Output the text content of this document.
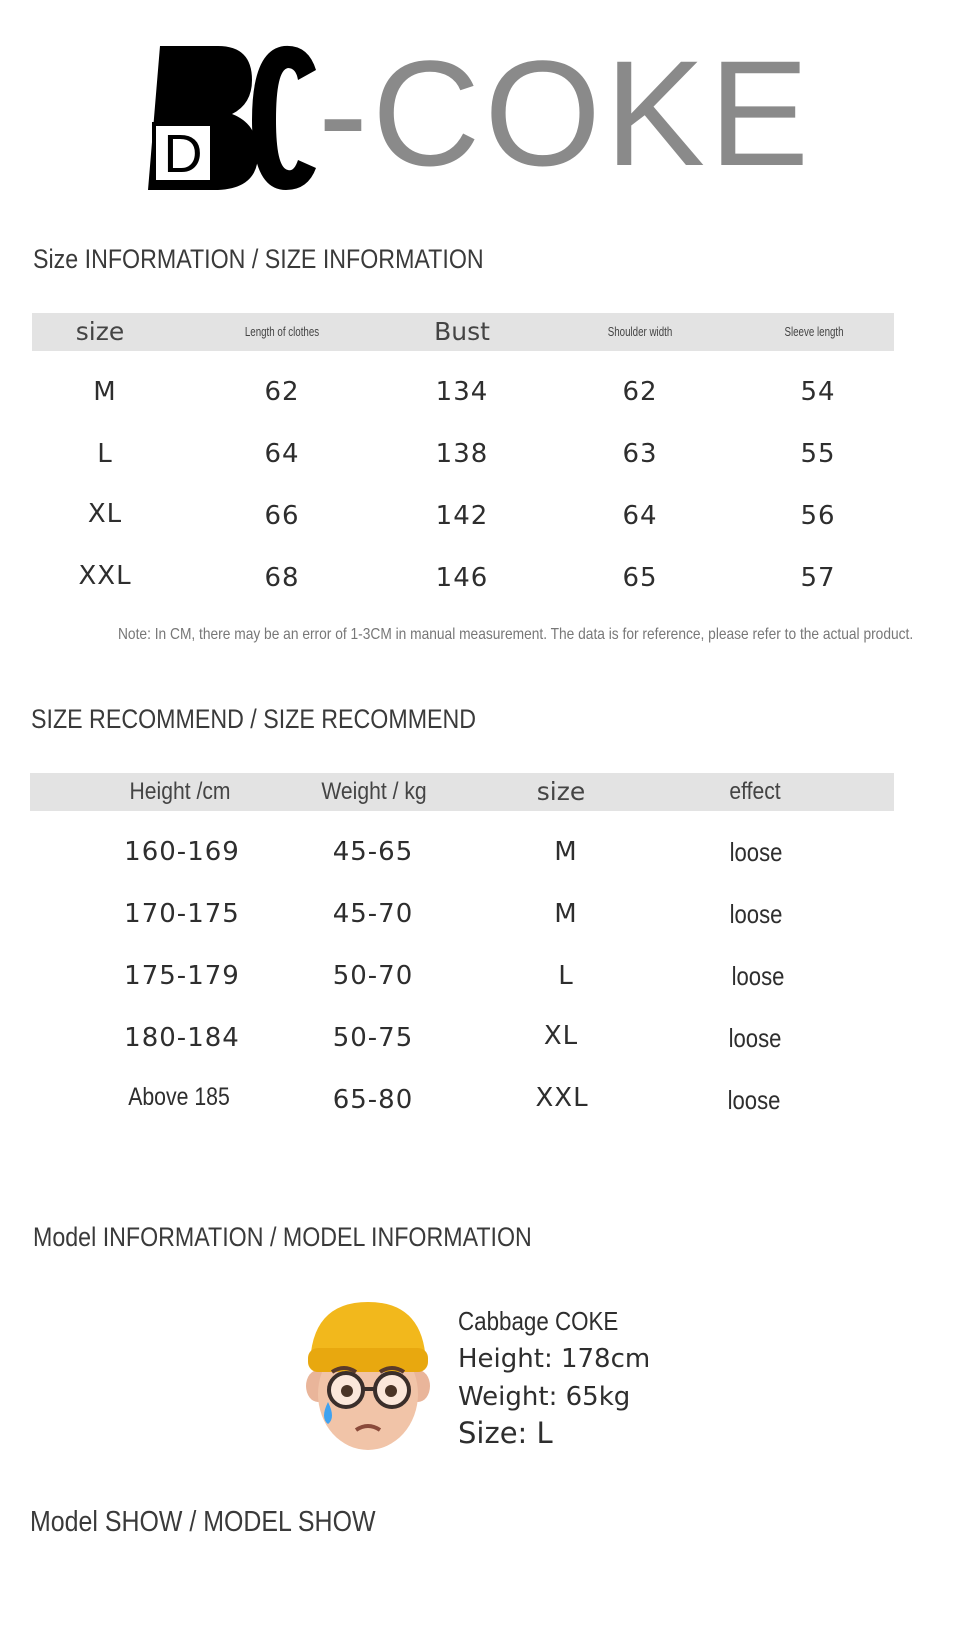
D
o -COKE
Size INFORMATION / SIZE INFORMATION
size	Length of clothes	Bust	Shoulder width	Sleeve length
M	62	134	62	54
L	64	138	63	55
XL	66	142	64	56
XXL	68	146	65	57
Note: In CM, there may be an error of 1-3CM in manual measurement. The data is for reference, please refer to the actual product.
SIZE RECOMMEND / SIZE RECOMMEND
Height /cm	Weight / kg	size	effect
160-169	45-65	M	loose
170-175	45-70	M	loose
175-179	50-70	L	loose
180-184	50-75	XL	loose
Above 185	65-80	XXL	loose
Model INFORMATION / MODEL INFORMATION
Cabbage COKE
Height: 178cm
Weight: 65kg
Size: L
Model SHOW / MODEL SHOW
